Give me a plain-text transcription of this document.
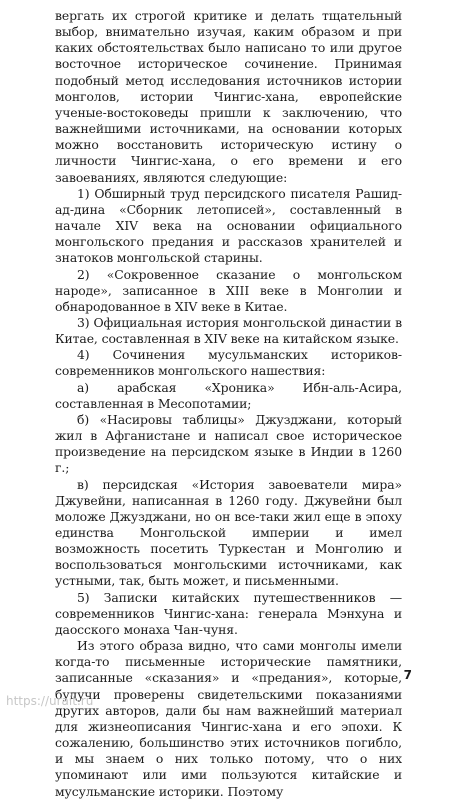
вергать их строгой критике и делать тщательный выбор, внимательно изучая, каким образом и при каких обстоятельствах было написано то или другое восточное историческое сочинение. Принимая подобный метод исследования источников истории монголов, истории Чингис-хана, европейские ученые-востоковеды пришли к заключению, что важнейшими источниками, на основании которых можно восстановить историческую истину о личности Чингис-хана, о его времени и его завоеваниях, являются следующие:

1) Обширный труд персидского писателя Рашид-ад-дина «Сборник летописей», составленный в начале XIV века на основании официального монгольского предания и рассказов хранителей и знатоков монгольской старины.

2) «Сокровенное сказание о монгольском народе», записанное в XIII веке в Монголии и обнародованное в XIV веке в Китае.

3) Официальная история монгольской династии в Китае, составленная в XIV веке на китайском языке.

4) Сочинения мусульманских историков-современников монгольского нашествия:

а) арабская «Хроника» Ибн-аль-Асира, составленная в Месопотамии;

б) «Насировы таблицы» Джузджани, который жил в Афганистане и написал свое историческое произведение на персидском языке в Индии в 1260 г.;

в) персидская «История завоеватели мира» Джувейни, написанная в 1260 году. Джувейни был моложе Джузджани, но он все-таки жил еще в эпоху единства Монгольской империи и имел возможность посетить Туркестан и Монголию и воспользоваться монгольскими источниками, как устными, так, быть может, и письменными.

5) Записки китайских путешественников — современников Чингис-хана: генерала Мэнхуна и даосского монаха Чан-чуня.

Из этого образа видно, что сами монголы имели когда-то письменные исторические памятники, записанные «сказания» и «предания», которые, будучи проверены свидетельскими показаниями других авторов, дали бы нам важнейший материал для жизнеописания Чингис-хана и его эпохи. К сожалению, большинство этих источников погибло, и мы знаем о них только потому, что о них упоминают или ими пользуются китайские и мусульманские историки. Поэтому

7
https://urait.ru
